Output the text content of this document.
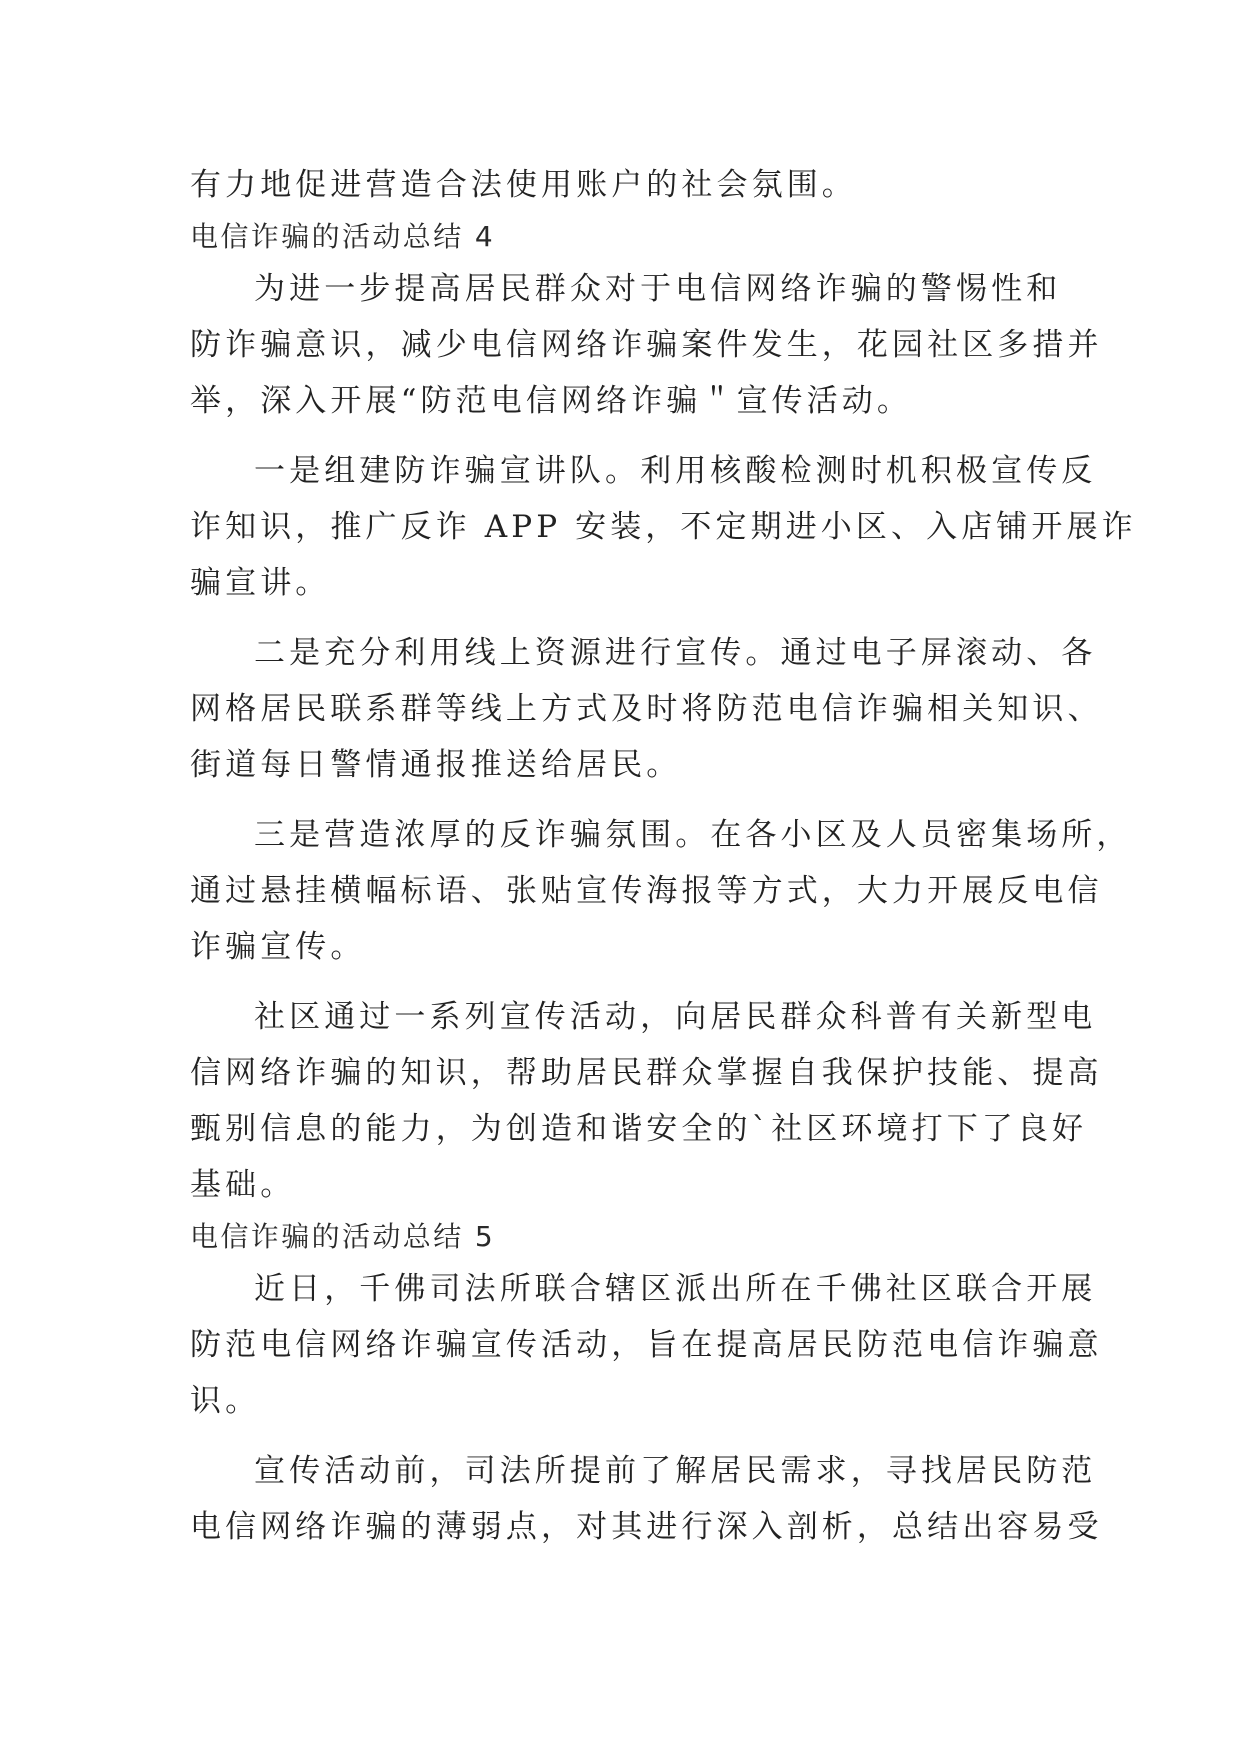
有力地促进营造合法使用账户的社会氛围。
电信诈骗的活动总结 4
为进一步提高居民群众对于电信网络诈骗的警惕性和
防诈骗意识，减少电信网络诈骗案件发生，花园社区多措并
举，深入开展“防范电信网络诈骗＂宣传活动。
一是组建防诈骗宣讲队。利用核酸检测时机积极宣传反
诈知识，推广反诈 APP 安装，不定期进小区、入店铺开展诈
骗宣讲。
二是充分利用线上资源进行宣传。通过电子屏滚动、各
网格居民联系群等线上方式及时将防范电信诈骗相关知识、
街道每日警情通报推送给居民。
三是营造浓厚的反诈骗氛围。在各小区及人员密集场所，
通过悬挂横幅标语、张贴宣传海报等方式，大力开展反电信
诈骗宣传。
社区通过一系列宣传活动，向居民群众科普有关新型电
信网络诈骗的知识，帮助居民群众掌握自我保护技能、提高
甄别信息的能力，为创造和谐安全的`社区环境打下了良好
基础。
电信诈骗的活动总结 5
近日，千佛司法所联合辖区派出所在千佛社区联合开展
防范电信网络诈骗宣传活动，旨在提高居民防范电信诈骗意
识。
宣传活动前，司法所提前了解居民需求，寻找居民防范
电信网络诈骗的薄弱点，对其进行深入剖析，总结出容易受
